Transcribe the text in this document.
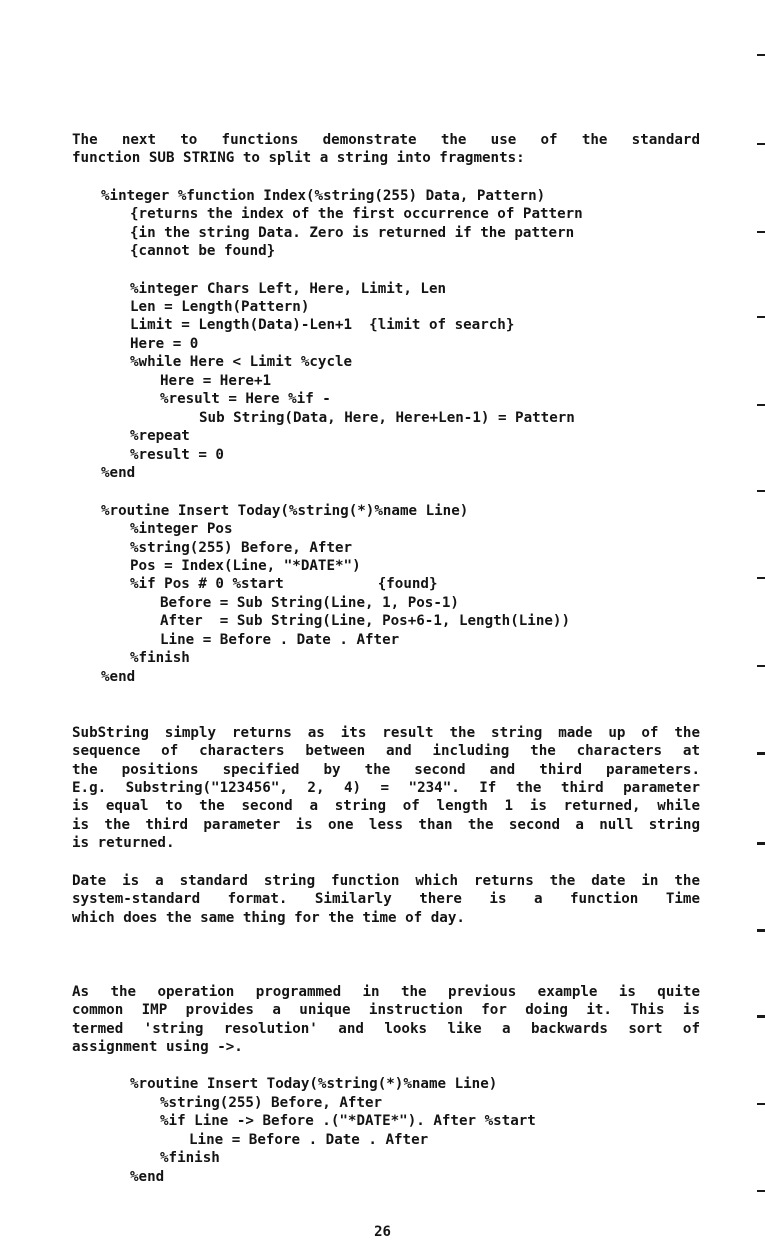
The next to functions demonstrate the use of the standard
function SUB STRING to split a string into fragments:
%integer %function Index(%string(255) Data, Pattern)
{returns the index of the first occurrence of Pattern
{in the string Data. Zero is returned if the pattern
{cannot be found}
%integer Chars Left, Here, Limit, Len
Len = Length(Pattern)
Limit = Length(Data)-Len+1  {limit of search}
Here = 0
%while Here < Limit %cycle
Here = Here+1
%result = Here %if -
Sub String(Data, Here, Here+Len-1) = Pattern
%repeat
%result = 0
%end
%routine Insert Today(%string(*)%name Line)
%integer Pos
%string(255) Before, After
Pos = Index(Line, "*DATE*")
%if Pos # 0 %start           {found}
Before = Sub String(Line, 1, Pos-1)
After  = Sub String(Line, Pos+6-1, Length(Line))
Line = Before . Date . After
%finish
%end
SubString simply returns as its result the string made up of the
sequence of characters between and including the characters at
the positions specified by the second and third parameters.
E.g. Substring("123456", 2, 4) = "234". If the third parameter
is equal to the second a string of length 1 is returned, while
is the third parameter is one less than the second a null string
is returned.
Date is a standard string function which returns the date in the
system-standard format. Similarly there is a function Time
which does the same thing for the time of day.
As the operation programmed in the previous example is quite
common IMP provides a unique instruction for doing it. This is
termed 'string resolution' and looks like a backwards sort of
assignment using ->.
%routine Insert Today(%string(*)%name Line)
%string(255) Before, After
%if Line -> Before .("*DATE*"). After %start
Line = Before . Date . After
%finish
%end
26
